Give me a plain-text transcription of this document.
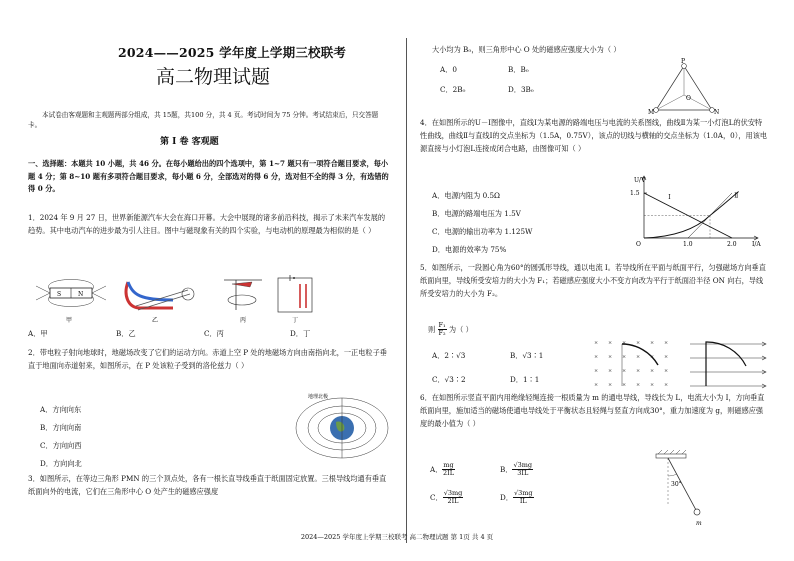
2024——2025 学年度上学期三校联考
高二物理试题
本试卷由客观题和主观题两部分组成，共 15题，共100 分，共 4 页。考试时间为 75 分钟。考试结束后，只交答题卡。
第 Ⅰ 卷 客观题
一、选择题：本题共 10 小题，共 46 分。在每小题给出的四个选项中，第 1~7 题只有一项符合题目要求，每小题 4 分；第 8~10 题有多项符合题目要求，每小题 6 分，全部选对的得 6 分，选对但不全的得 3 分，有选错的得 0 分。
1．2024 年 9 月 27 日，世界新能源汽车大会在海口开幕。大会中展现的诸多前沿科技，揭示了未来汽车发展的趋势。其中电动汽车的进步最为引人注目。图中与磁现象有关的四个实验，与电动机的原理最为相似的是（ ）
S	N
甲	乙	丙	丁
A．甲	B．乙	C．丙	D．丁
2．带电粒子射向地球时，地磁场改变了它们的运动方向。赤道上空 P 处的地磁场方向由南指向北，一正电粒子垂直于地面向赤道射来，如图所示，在 P 处该粒子受到的洛伦兹力（ ）
A．方向向东
B．方向向南
C．方向向西
D．方向向北
地理北极
3．如图所示，在等边三角形 PMN 的三个顶点处，各有一根长直导线垂直于纸面固定放置。三根导线均通有垂直纸面向外的电流，它们在三角形中心 O 处产生的磁感应强度
大小均为 B₀，则三角形中心 O 处的磁感应强度大小为（ ）
A．0	B．B₀
C．2B₀	D．3B₀
P
M	N
O
4．在如图所示的U－I图像中，直线Ⅰ为某电源的路端电压与电流的关系图线，曲线Ⅱ为某一小灯泡L的伏安特性曲线，曲线Ⅱ与直线Ⅰ的交点坐标为（1.5A，0.75V），该点的切线与横轴的交点坐标为（1.0A，0），用该电源直接与小灯泡L连接成闭合电路，由图像可知（ ）
A．电源内阻为 0.5Ω
B．电源的路端电压为 1.5V
C．电源的输出功率为 1.125W
D．电源的效率为 75%
U/V
I/A
O	1.0	2.0
1.5
Ⅰ	Ⅱ
5．如图所示，一段圆心角为60°的圆弧形导线，通以电流 I。若导线所在平面与纸面平行，匀强磁场方向垂直纸面向里，导线所受安培力的大小为 F₁；若磁感应强度大小不变方向改为平行于纸面沿半径 ON 向右，导线所受安培力的大小为 F₂。
则 $\frac{\text{F₁}}{\text{F₂}}$ 为（ ）
A．2∶√3	B．√3∶1
C．√3∶2	D．1∶1
× × × × × ×
× × × × × ×
× × × × × ×
× × × × × ×
6．在如图所示竖直平面内用绝缘轻绳连接一根质量为 m 的通电导线，导线长为 L，电流大小为 I，方向垂直纸面向里，施加适当的磁场使通电导线处于平衡状态且轻绳与竖直方向成30°，重力加速度为 g，则磁感应强度的最小值为（ ）
A． $\frac{mg}{2IL}$	B． $\frac{√3mg}{3IL}$
C． $\frac{√3mg}{2IL}$	D． $\frac{√3mg}{IL}$
30°
m
2024—2025 学年度上学期三校联考 高二物理试题 第 1页 共 4 页
